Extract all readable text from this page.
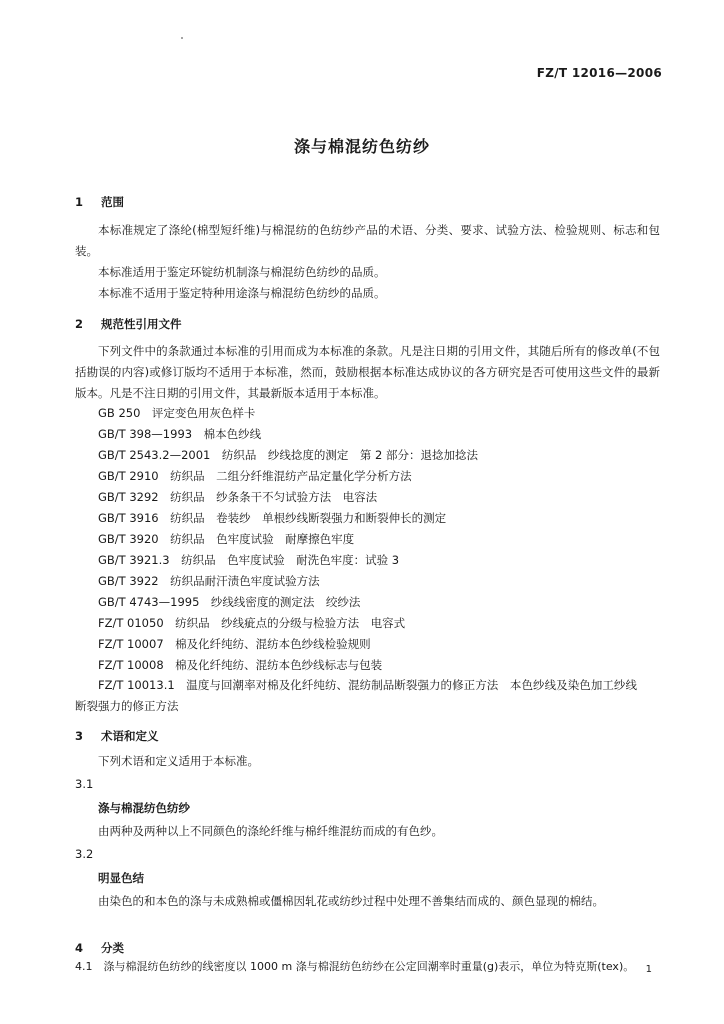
FZ/T 12016—2006
涤与棉混纺色纺纱
1 范围
本标准规定了涤纶(棉型短纤维)与棉混纺的色纺纱产品的术语、分类、要求、试验方法、检验规则、标志和包装。
本标准适用于鉴定环锭纺机制涤与棉混纺色纺纱的品质。
本标准不适用于鉴定特种用途涤与棉混纺色纺纱的品质。
2 规范性引用文件
下列文件中的条款通过本标准的引用而成为本标准的条款。凡是注日期的引用文件，其随后所有的修改单(不包括勘误的内容)或修订版均不适用于本标准，然而，鼓励根据本标准达成协议的各方研究是否可使用这些文件的最新版本。凡是不注日期的引用文件，其最新版本适用于本标准。
GB 250　评定变色用灰色样卡
GB/T 398—1993　棉本色纱线
GB/T 2543.2—2001　纺织品　纱线捻度的测定　第 2 部分：退捻加捻法
GB/T 2910　纺织品　二组分纤维混纺产品定量化学分析方法
GB/T 3292　纺织品　纱条条干不匀试验方法　电容法
GB/T 3916　纺织品　卷装纱　单根纱线断裂强力和断裂伸长的测定
GB/T 3920　纺织品　色牢度试验　耐摩擦色牢度
GB/T 3921.3　纺织品　色牢度试验　耐洗色牢度：试验 3
GB/T 3922　纺织品耐汗渍色牢度试验方法
GB/T 4743—1995　纱线线密度的测定法　绞纱法
FZ/T 01050　纺织品　纱线疵点的分级与检验方法　电容式
FZ/T 10007　棉及化纤纯纺、混纺本色纱线检验规则
FZ/T 10008　棉及化纤纯纺、混纺本色纱线标志与包装
FZ/T 10013.1　温度与回潮率对棉及化纤纯纺、混纺制品断裂强力的修正方法　本色纱线及染色加工纱线断裂强力的修正方法
3 术语和定义
下列术语和定义适用于本标准。
3.1
涤与棉混纺色纺纱
由两种及两种以上不同颜色的涤纶纤维与棉纤维混纺而成的有色纱。
3.2
明显色结
由染色的和本色的涤与未成熟棉或僵棉因轧花或纺纱过程中处理不善集结而成的、颜色显现的棉结。
4 分类
1
4.1　涤与棉混纺色纺纱的线密度以 1000 m 涤与棉混纺色纺纱在公定回潮率时重量(g)表示，单位为特克斯(tex)。
